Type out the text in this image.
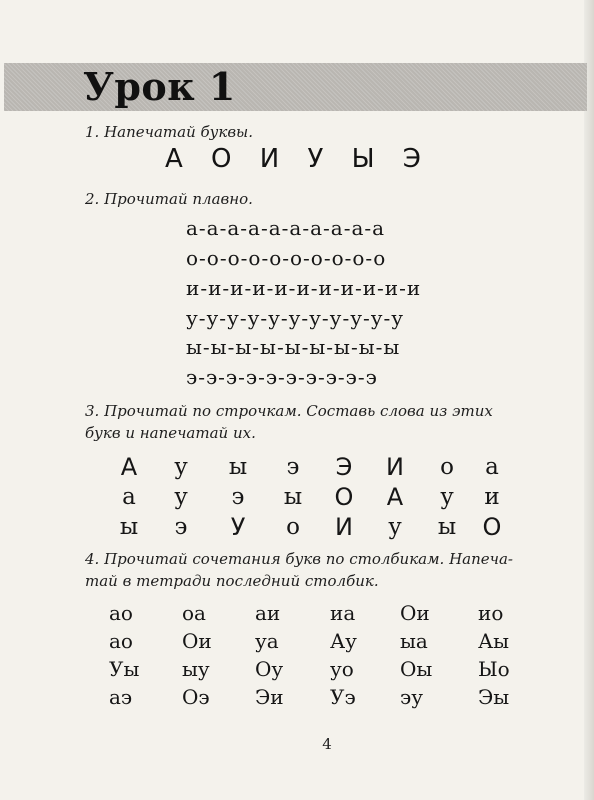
Урок 1
1. Напечатай буквы.
А О И У Ы Э
2. Прочитай плавно.
а-а-а-а-а-а-а-а-а-а
о-о-о-о-о-о-о-о-о-о
и-и-и-и-и-и-и-и-и-и-и
у-у-у-у-у-у-у-у-у-у-у
ы-ы-ы-ы-ы-ы-ы-ы-ы
э-э-э-э-э-э-э-э-э-э
3. Прочитай по строчкам. Составь слова из этих
букв и напечатай их.
А	у	ы	э	Э	И	о	а
а	у	э	ы	О	А	у	и
ы	э	У	о	И	у	ы	О
4. Прочитай сочетания букв по столбикам. Напеча-
тай в тетради последний столбик.
ао	оа	аи	иа	Ои	ио
ао	Ои	уа	Ау	ыа	Аы
Уы	ыу	Оу	уо	Оы	Ыо
аэ	Оэ	Эи	Уэ	эу	Эы
4
